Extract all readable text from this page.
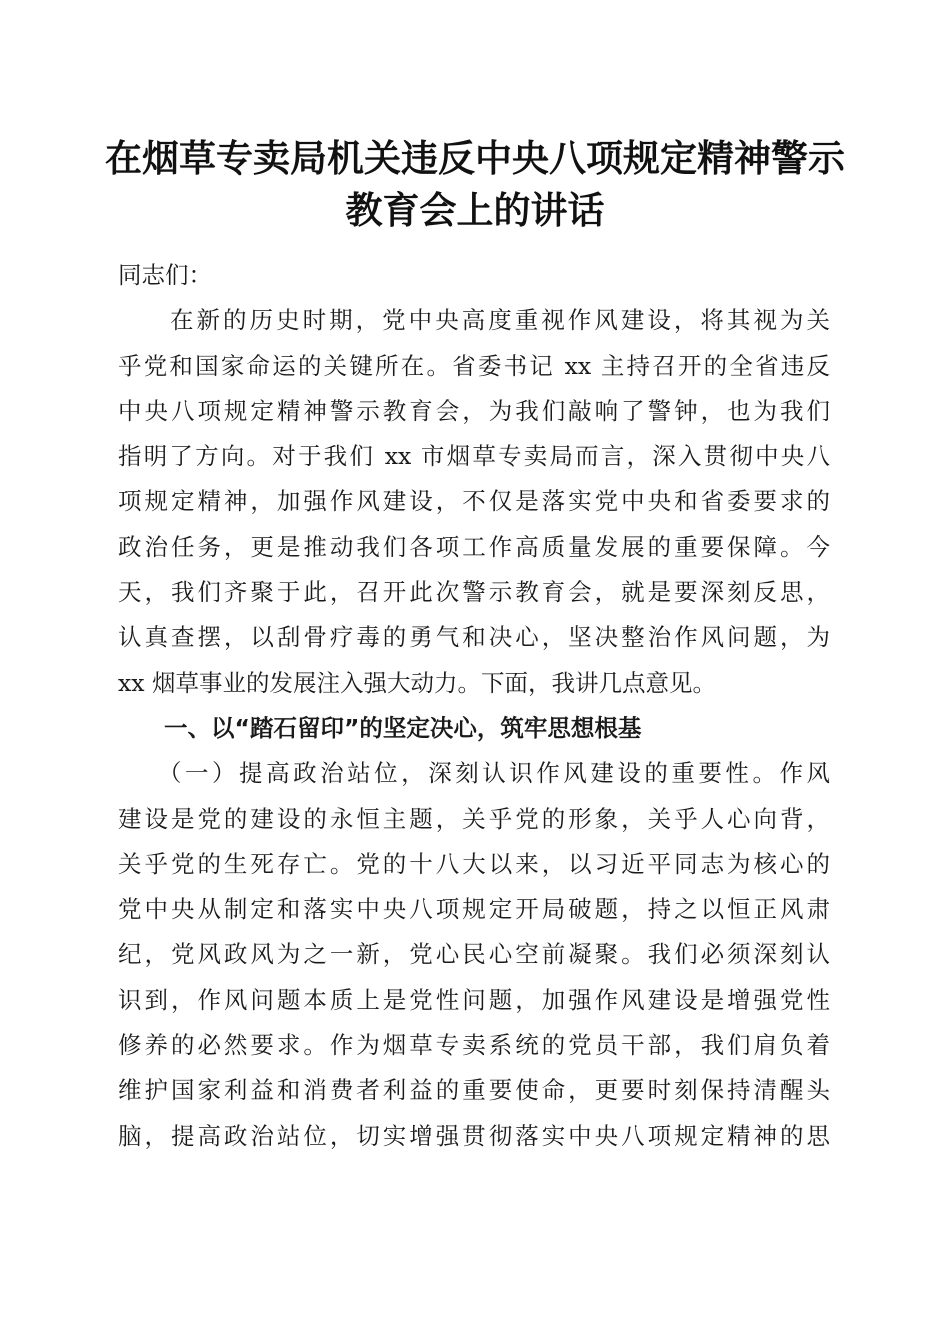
在烟草专卖局机关违反中央八项规定精神警示
教育会上的讲话
同志们：
在新的历史时期，党中央高度重视作风建设，将其视为关
乎党和国家命运的关键所在。省委书记 xx 主持召开的全省违反
中央八项规定精神警示教育会，为我们敲响了警钟，也为我们
指明了方向。对于我们 xx 市烟草专卖局而言，深入贯彻中央八
项规定精神，加强作风建设，不仅是落实党中央和省委要求的
政治任务，更是推动我们各项工作高质量发展的重要保障。今
天，我们齐聚于此，召开此次警示教育会，就是要深刻反思，
认真查摆，以刮骨疗毒的勇气和决心，坚决整治作风问题，为
xx 烟草事业的发展注入强大动力。下面，我讲几点意见。
一、以“踏石留印”的坚定决心，筑牢思想根基
（一）提高政治站位，深刻认识作风建设的重要性。作风
建设是党的建设的永恒主题，关乎党的形象，关乎人心向背，
关乎党的生死存亡。党的十八大以来，以习近平同志为核心的
党中央从制定和落实中央八项规定开局破题，持之以恒正风肃
纪，党风政风为之一新，党心民心空前凝聚。我们必须深刻认
识到，作风问题本质上是党性问题，加强作风建设是增强党性
修养的必然要求。作为烟草专卖系统的党员干部，我们肩负着
维护国家利益和消费者利益的重要使命，更要时刻保持清醒头
脑，提高政治站位，切实增强贯彻落实中央八项规定精神的思
